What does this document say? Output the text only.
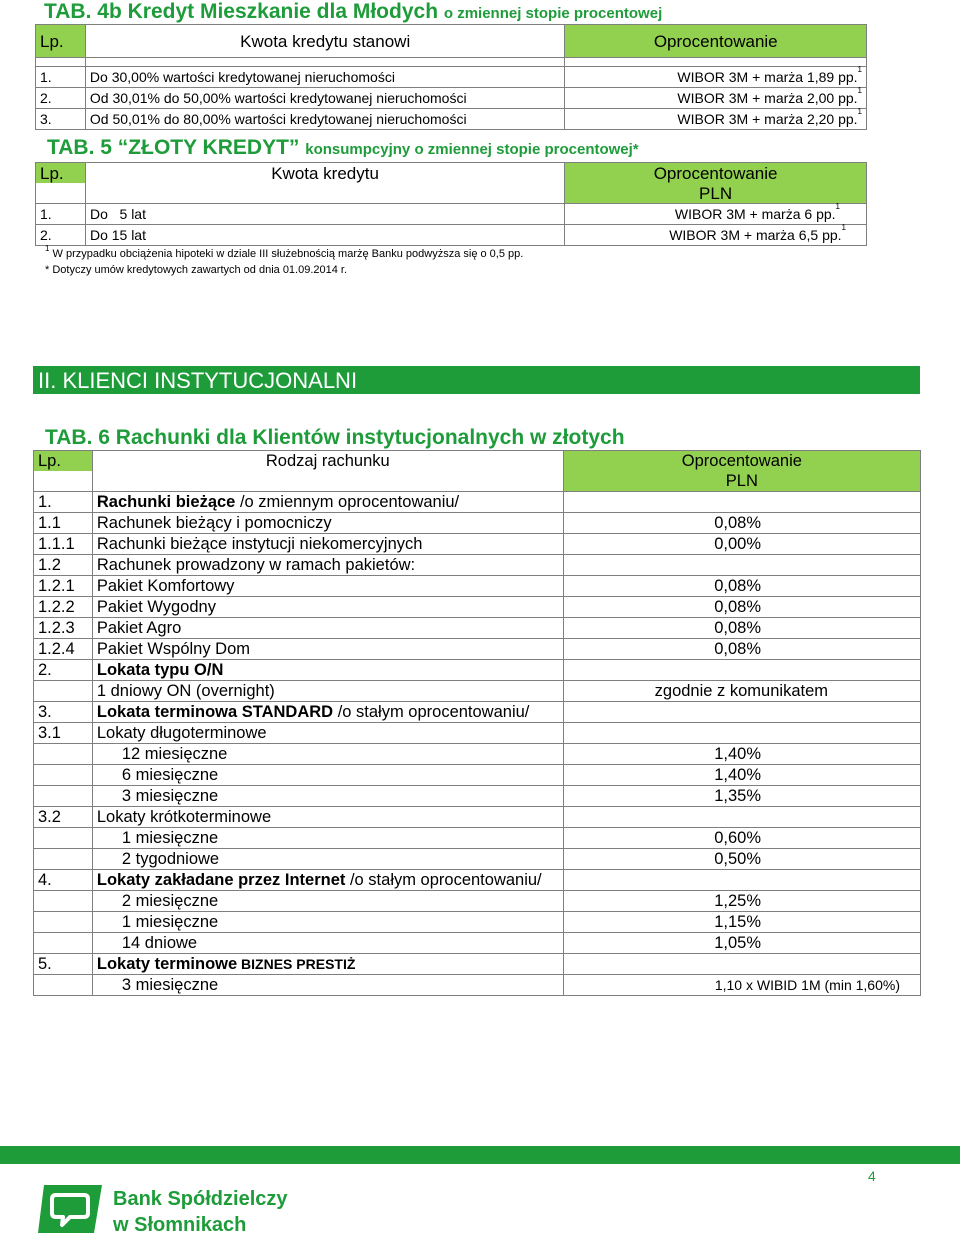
TAB. 4b Kredyt Mieszkanie dla Młodych o zmiennej stopie procentowej
Lp.	Kwota kredytu stanowi	Oprocentowanie

1.	Do 30,00% wartości kredytowanej nieruchomości	WIBOR 3M + marża 1,89 pp.$^1$
2.	Od 30,01% do 50,00% wartości kredytowanej nieruchomości	WIBOR 3M + marża 2,00 pp.$^1$
3.	Od 50,01% do 80,00% wartości kredytowanej nieruchomości	WIBOR 3M + marża 2,20 pp.$^1$
TAB. 5 “ZŁOTY KREDYT” konsumpcyjny o zmiennej stopie procentowej*
Lp.	Kwota kredytu	Oprocentowanie
		PLN
1.	Do   5 lat	WIBOR 3M + marża 6 pp.$^1$
2.	Do 15 lat	WIBOR 3M + marża 6,5 pp.$^1$
$^1$ W przypadku obciążenia hipoteki w dziale III służebnością marżę Banku podwyższa się o 0,5 pp.
* Dotyczy umów kredytowych zawartych od dnia 01.09.2014 r.
II. KLIENCI INSTYTUCJONALNI
TAB. 6 Rachunki dla Klientów instytucjonalnych w złotych
Lp.	Rodzaj rachunku	Oprocentowanie
		PLN
1.	Rachunki bieżące /o zmiennym oprocentowaniu/	
1.1	Rachunek bieżący i pomocniczy	0,08%
1.1.1	Rachunki bieżące instytucji niekomercyjnych	0,00%
1.2	Rachunek prowadzony w ramach pakietów:	
1.2.1	Pakiet Komfortowy	0,08%
1.2.2	Pakiet Wygodny	0,08%
1.2.3	Pakiet Agro	0,08%
1.2.4	Pakiet Wspólny Dom	0,08%
2.	Lokata typu O/N	
	1 dniowy ON (overnight)	zgodnie z komunikatem
3.	Lokata terminowa STANDARD /o stałym oprocentowaniu/	
3.1	Lokaty długoterminowe	
	12 miesięczne	1,40%
	6 miesięczne	1,40%
	3 miesięczne	1,35%
3.2	Lokaty krótkoterminowe	
	1 miesięczne	0,60%
	2 tygodniowe	0,50%
4.	Lokaty zakładane przez Internet /o stałym oprocentowaniu/	
	2 miesięczne	1,25%
	1 miesięczne	1,15%
	14 dniowe	1,05%
5.	Lokaty terminowe BIZNES PRESTIŻ	
	3 miesięczne	1,10 x WIBID 1M (min 1,60%)
4
Bank Spółdzielczy
w Słomnikach
